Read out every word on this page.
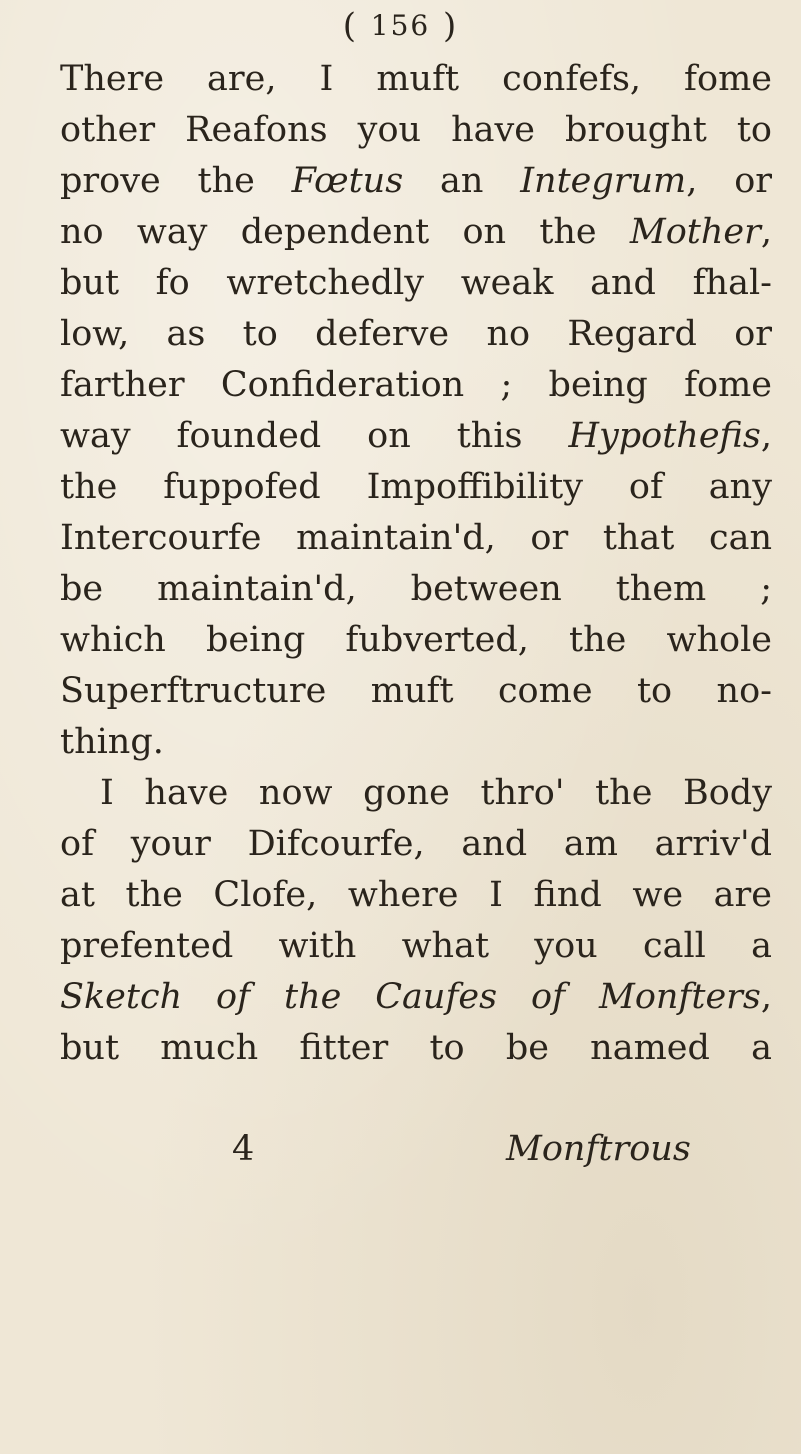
( 156 )
There are, I muft confefs, fome
other Reafons you have brought to
prove the Fœtus an Integrum, or
no way dependent on the Mother,
but fo wretchedly weak and fhal-
low, as to deferve no Regard or
farther Confideration ; being fome
way founded on this Hypothefis,
the fuppofed Impoffibility of any
Intercourfe maintain'd, or that can
be maintain'd, between them ;
which being fubverted, the whole
Superftructure muft come to no-
thing.
I have now gone thro' the Body
of your Difcourfe, and am arriv'd
at the Clofe, where I find we are
prefented with what you call a
Sketch of the Caufes of Monfters,
but much fitter to be named a
4	Monftrous
